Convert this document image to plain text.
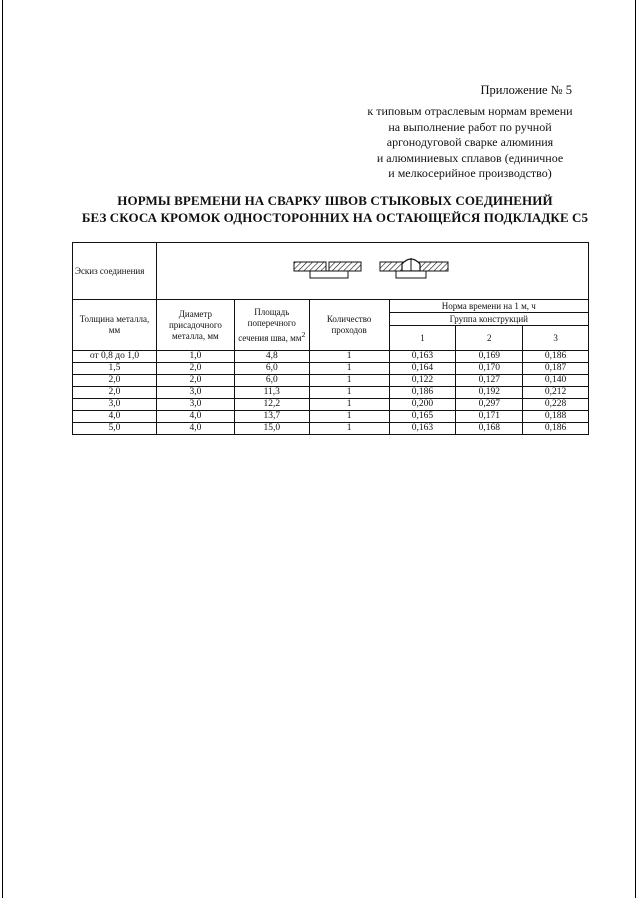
Приложение № 5
к типовым отраслевым нормам времени
на выполнение работ по ручной
аргонодуговой сварке алюминия
и алюминиевых сплавов (единичное
и мелкосерийное производство)
НОРМЫ ВРЕМЕНИ НА СВАРКУ ШВОВ СТЫКОВЫХ СОЕДИНЕНИЙ
БЕЗ СКОСА КРОМОК ОДНОСТОРОННИХ НА ОСТАЮЩЕЙСЯ ПОДКЛАДКЕ С5
Эскиз соединения	

Толщина металла, мм	Диаметр присадочного металла, мм	Площадь поперечного сечения шва, $мм^2$	Количество проходов	Норма времени на 1 м, ч		
				Группа конструкций		
				1	2	3
от 0,8 до 1,0	1,0	4,8	1	0,163	0,169	0,186
1,5	2,0	6,0	1	0,164	0,170	0,187
2,0	2,0	6,0	1	0,122	0,127	0,140
2,0	3,0	11,3	1	0,186	0,192	0,212
3,0	3,0	12,2	1	0,200	0,297	0,228
4,0	4,0	13,7	1	0,165	0,171	0,188
5,0	4,0	15,0	1	0,163	0,168	0,186
